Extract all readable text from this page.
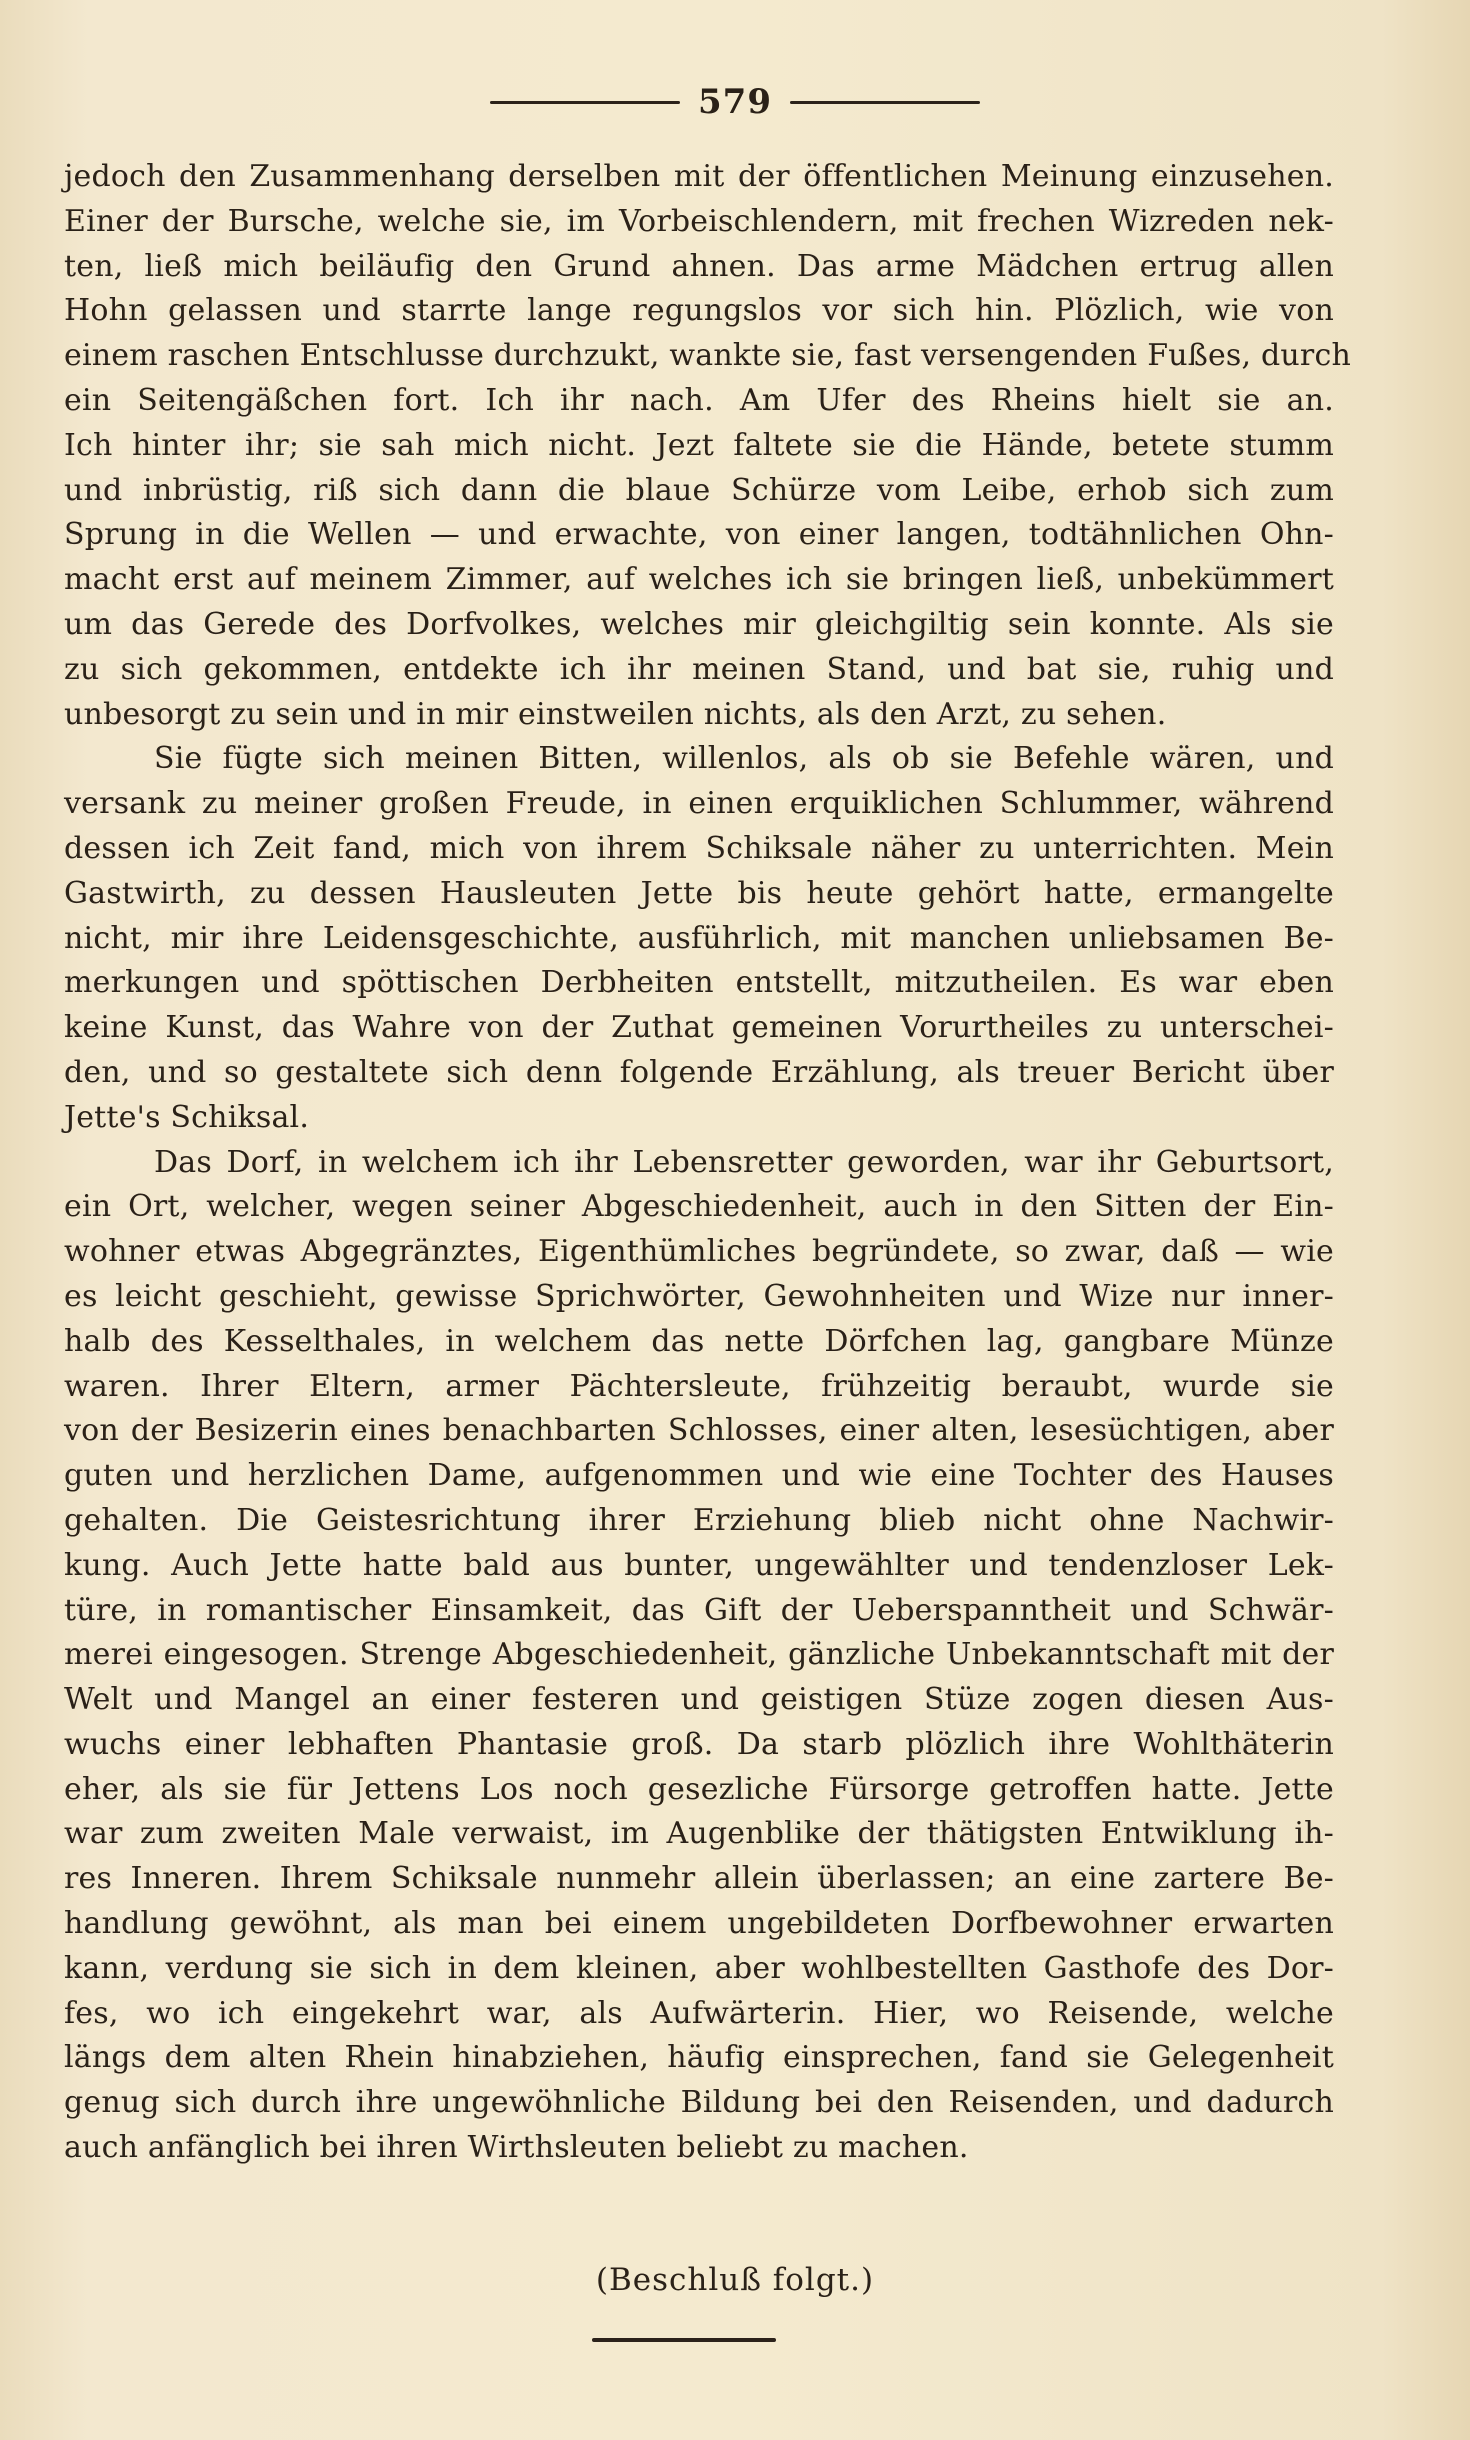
579
jedoch den Zusammenhang derselben mit der öffentlichen Meinung einzusehen.
Einer der Bursche, welche sie, im Vorbeischlendern, mit frechen Wizreden nek-
ten, ließ mich beiläufig den Grund ahnen. Das arme Mädchen ertrug allen
Hohn gelassen und starrte lange regungslos vor sich hin. Plözlich, wie von
einem raschen Entschlusse durchzukt, wankte sie, fast versengenden Fußes, durch
ein Seitengäßchen fort. Ich ihr nach. Am Ufer des Rheins hielt sie an.
Ich hinter ihr; sie sah mich nicht. Jezt faltete sie die Hände, betete stumm
und inbrüstig, riß sich dann die blaue Schürze vom Leibe, erhob sich zum
Sprung in die Wellen — und erwachte, von einer langen, todtähnlichen Ohn-
macht erst auf meinem Zimmer, auf welches ich sie bringen ließ, unbekümmert
um das Gerede des Dorfvolkes, welches mir gleichgiltig sein konnte. Als sie
zu sich gekommen, entdekte ich ihr meinen Stand, und bat sie, ruhig und
unbesorgt zu sein und in mir einstweilen nichts, als den Arzt, zu sehen.
Sie fügte sich meinen Bitten, willenlos, als ob sie Befehle wären, und
versank zu meiner großen Freude, in einen erquiklichen Schlummer, während
dessen ich Zeit fand, mich von ihrem Schiksale näher zu unterrichten. Mein
Gastwirth, zu dessen Hausleuten Jette bis heute gehört hatte, ermangelte
nicht, mir ihre Leidensgeschichte, ausführlich, mit manchen unliebsamen Be-
merkungen und spöttischen Derbheiten entstellt, mitzutheilen. Es war eben
keine Kunst, das Wahre von der Zuthat gemeinen Vorurtheiles zu unterschei-
den, und so gestaltete sich denn folgende Erzählung, als treuer Bericht über
Jette's Schiksal.
Das Dorf, in welchem ich ihr Lebensretter geworden, war ihr Geburtsort,
ein Ort, welcher, wegen seiner Abgeschiedenheit, auch in den Sitten der Ein-
wohner etwas Abgegränztes, Eigenthümliches begründete, so zwar, daß — wie
es leicht geschieht, gewisse Sprichwörter, Gewohnheiten und Wize nur inner-
halb des Kesselthales, in welchem das nette Dörfchen lag, gangbare Münze
waren. Ihrer Eltern, armer Pächtersleute, frühzeitig beraubt, wurde sie
von der Besizerin eines benachbarten Schlosses, einer alten, lesesüchtigen, aber
guten und herzlichen Dame, aufgenommen und wie eine Tochter des Hauses
gehalten. Die Geistesrichtung ihrer Erziehung blieb nicht ohne Nachwir-
kung. Auch Jette hatte bald aus bunter, ungewählter und tendenzloser Lek-
türe, in romantischer Einsamkeit, das Gift der Ueberspanntheit und Schwär-
merei eingesogen. Strenge Abgeschiedenheit, gänzliche Unbekanntschaft mit der
Welt und Mangel an einer festeren und geistigen Stüze zogen diesen Aus-
wuchs einer lebhaften Phantasie groß. Da starb plözlich ihre Wohlthäterin
eher, als sie für Jettens Los noch gesezliche Fürsorge getroffen hatte. Jette
war zum zweiten Male verwaist, im Augenblike der thätigsten Entwiklung ih-
res Inneren. Ihrem Schiksale nunmehr allein überlassen; an eine zartere Be-
handlung gewöhnt, als man bei einem ungebildeten Dorfbewohner erwarten
kann, verdung sie sich in dem kleinen, aber wohlbestellten Gasthofe des Dor-
fes, wo ich eingekehrt war, als Aufwärterin. Hier, wo Reisende, welche
längs dem alten Rhein hinabziehen, häufig einsprechen, fand sie Gelegenheit
genug sich durch ihre ungewöhnliche Bildung bei den Reisenden, und dadurch
auch anfänglich bei ihren Wirthsleuten beliebt zu machen.
(Beschluß folgt.)
